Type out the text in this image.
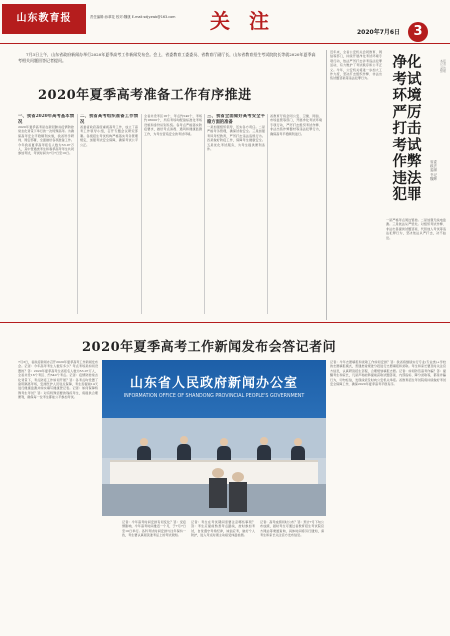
山东教育报	责任编辑:孙翠花 校对:魏康 E-mail:sdjyxwb@163.com 关 注	2020年7月6日	3
7月3日上午，山东省政府新闻办举行2020年夏季高考工作新闻发布会。会上，省委教育工委委员、省教育厅副厅长，山东省教育招生考试院院长等就2020年夏季高考相关问题回答记者提问。
2020年夏季高考准备工作有序推进
一、我省2020年高考基本情况
2020年夏季高考是在新冠肺炎疫情防控常态化背景下举行的一次特殊高考。为确保高考安全平稳顺利实施，我省科学研判、周密部署，全面做好各项准备工作。今年我省夏季高考报名人数为53.07万人，其中普通类考生和春季高考考生共同参加考试，考试时间为7月7日至10日。
二、我省高考组织准备工作情况
省委省政府高度重视高考工作，成立了高考工作领导小组，召开专题会议研究部署。各级招生考试机构严格落实考务管理规定，加强考试安全保障，确保考试公平公正。
全省共设考区16个，考点约540个，考场约18000个，所有考场均配备标准化考场设施和身份识别系统。各考点严格落实防疫要求，做好考点消毒、通风和健康监测工作，为考生营造安全的考试环境。
三、我省全面做好高考安全平稳方面的准备
一是加强组织领导，压实各方责任。二是严格考务管理，确保试卷安全。三是加强考风考纪教育，严厉打击违法违规行为。四是做好防疫工作，保障考生健康安全。五是优化考试服务，为考生提供便利条件。
省教育厅将会同公安、卫健、网信、市场监管等部门，开展净化考试环境专项行动，严厉打击组织考试作弊、非法出售作弊器材等违法犯罪行为，确保高考平稳顺利进行。
近年来，全省公安机关会同教育、网信等部门，持续开展净化考试环境专项行动，依法严厉打击涉考违法犯罪活动，有力维护了考试秩序和公平正义。今年，公安机关将进一步加大工作力度，坚决打击组织作弊、非法出售试题答案等违法犯罪行为。
净化考试环境 严厉打击考试作弊违法犯罪
省委政法委副书记 魏辉
本报记者 采访整理
一是严格考点周边管控。二是加强无线电监测。三是依法从严惩处。对组织考试作弊、非法出售提供试题答案、代替他人考试等违法犯罪行为，坚决依法从严打击，决不姑息。
2020年夏季高考工作新闻发布会答记者问
7月3日，省政府新闻办召开2020年夏季高考工作新闻发布会。记者：今年高考考生人数有多少？考点考场是如何设置的？答：2020年夏季高考全省报名人数为53.07万人，全省共设16个考区、约540个考点。记者：疫情防控常态化背景下，考点防疫工作如何开展？答：各考点均设置了备用隔离考场，安排医护人员驻点保障，考生需提前14天进行健康监测并如实填写健康登记表。记者：如何保障特殊考生考试？答：对有特殊需要的残疾考生，将提供合理便利，确保每一位考生都能公平参加考试。
山东省人民政府新闻办公室
INFORMATION OFFICE OF SHANDONG PROVINCIAL PEOPLE'S GOVERNMENT
记者：今年高考时间安排有何变化？答：受疫情影响，今年高考时间推迟一个月，于7月7日至10日举行。各科考试时间安排与往年保持一致，考生要认真阅读准考证上的考试须知。
记者：考生在考试期间需要注意哪些事项？答：考生应提前熟悉考点路线，按时参加考试，自觉遵守考场纪律，诚信应考，做好个人防护，进入考点时须主动接受体温检测。
记者：高考成绩何时公布？答：预计7月下旬公布成绩，届时考生可通过省教育招生考试院官方网站等渠道查询，具体时间将另行通知，请考生和家长关注官方发布信息。
记者：今年志愿填报和录取工作如何安排？答：我省将继续实行专业(专业类)+学校的志愿填报模式，普通类常规批分段进行志愿填报和录取。考生和家长要及时关注官方信息，认真研读招生章程，合理规划填报志愿。记者：如何防范高考诈骗？答：提醒考生和家长，凡是声称能够提前获取试题答案、内部指标、降分录取等，都是诈骗行为，切勿轻信，发现线索及时向公安机关举报。省教育招生考试院将持续做好考试安全保障工作，确保2020年夏季高考平稳有序。
